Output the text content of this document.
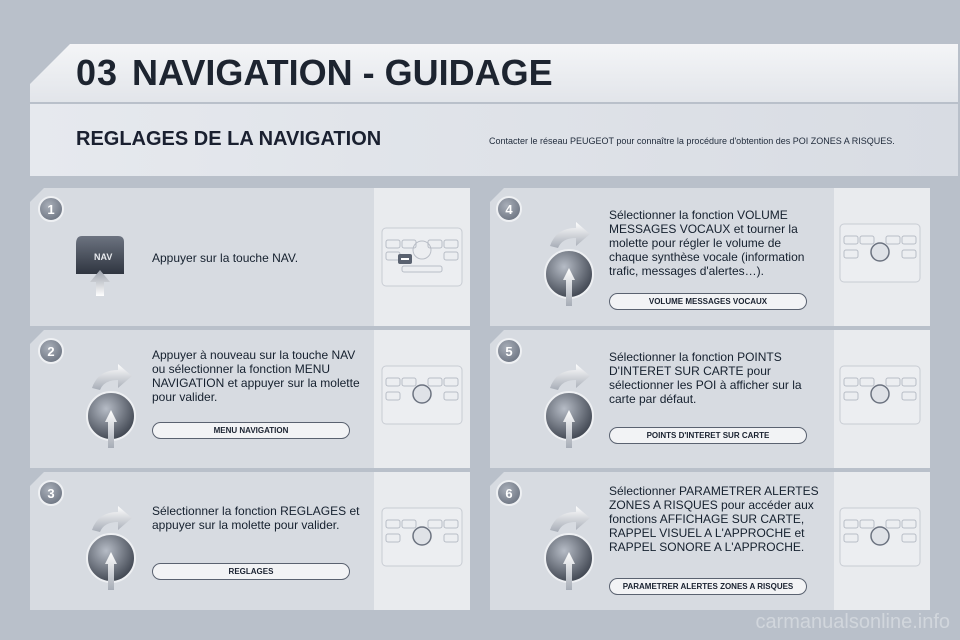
03 NAVIGATION - GUIDAGE
REGLAGES DE LA NAVIGATION	Contacter le réseau PEUGEOT pour connaître la procédure d'obtention des POI ZONES A RISQUES.
1
2
3
4
5
6
NAV	Appuyer sur la touche NAV.
Appuyer à nouveau sur la touche NAV ou sélectionner la fonction MENU NAVIGATION et appuyer sur la molette pour valider.
Sélectionner la fonction REGLAGES et appuyer sur la molette pour valider.
Sélectionner la fonction VOLUME MESSAGES VOCAUX et tourner la molette pour régler le volume de chaque synthèse vocale (information trafic, messages d'alertes…).
Sélectionner la fonction POINTS D'INTERET SUR CARTE pour sélectionner les POI à afficher sur la carte par défaut.
Sélectionner PARAMETRER ALERTES ZONES A RISQUES pour accéder aux fonctions AFFICHAGE SUR CARTE, RAPPEL VISUEL A L'APPROCHE et RAPPEL SONORE A L'APPROCHE.
MENU NAVIGATION
REGLAGES
VOLUME MESSAGES VOCAUX
POINTS D'INTERET SUR CARTE
PARAMETRER ALERTES ZONES A RISQUES
carmanualsonline.info
